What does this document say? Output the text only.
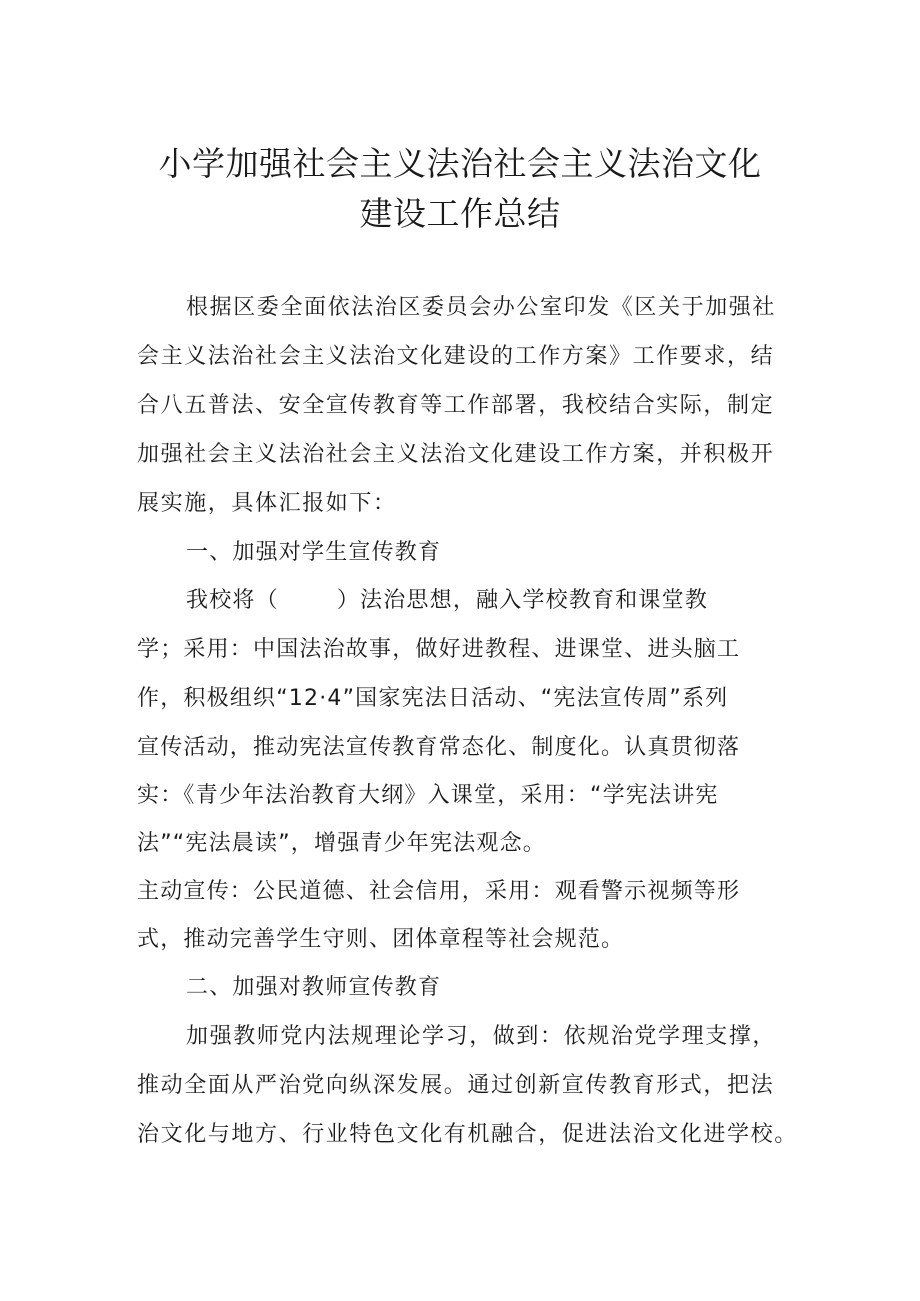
小学加强社会主义法治社会主义法治文化
建设工作总结

根据区委全面依法治区委员会办公室印发《区关于加强社

会主义法治社会主义法治文化建设的工作方案》工作要求，结

合八五普法、安全宣传教育等工作部署，我校结合实际，制定

加强社会主义法治社会主义法治文化建设工作方案，并积极开

展实施，具体汇报如下：

一、加强对学生宣传教育

我校将（	）法治思想，融入学校教育和课堂教

学；采用：中国法治故事，做好进教程、进课堂、进头脑工

作，积极组织“12·4”国家宪法日活动、“宪法宣传周”系列

宣传活动，推动宪法宣传教育常态化、制度化。认真贯彻落

实：《青少年法治教育大纲》入课堂，采用：“学宪法讲宪

法”“宪法晨读”，增强青少年宪法观念。

主动宣传：公民道德、社会信用，采用：观看警示视频等形

式，推动完善学生守则、团体章程等社会规范。

二、加强对教师宣传教育

加强教师党内法规理论学习，做到：依规治党学理支撑，

推动全面从严治党向纵深发展。通过创新宣传教育形式，把法

治文化与地方、行业特色文化有机融合，促进法治文化进学校。
